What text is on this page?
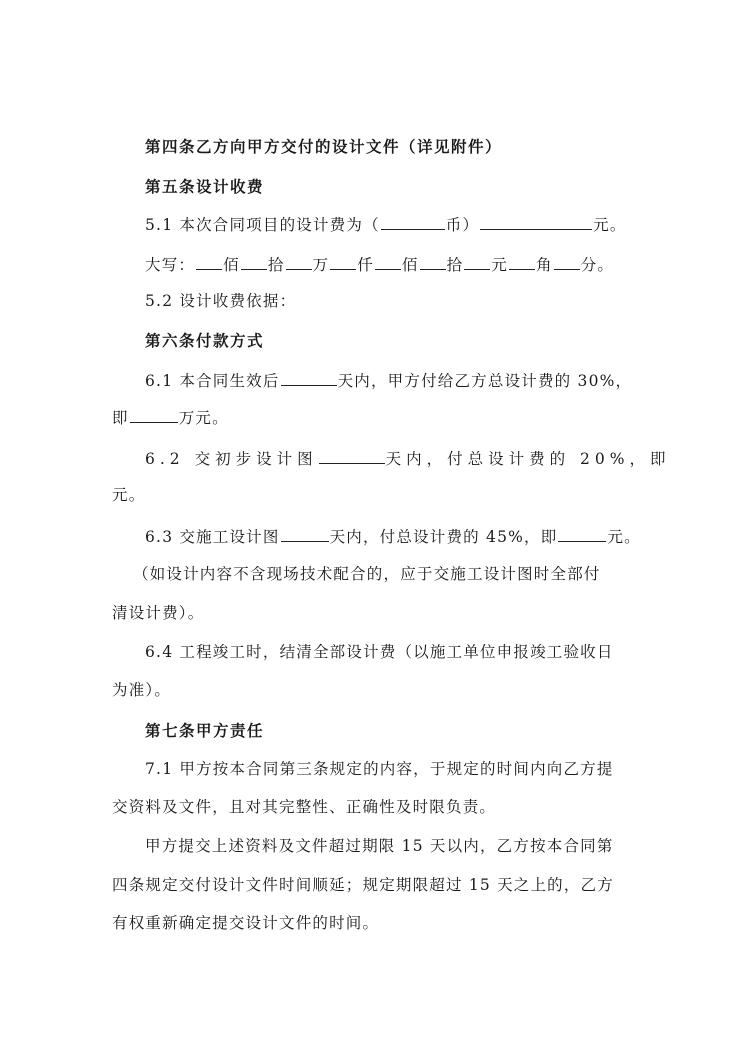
第四条乙方向甲方交付的设计文件（详见附件）
第五条设计收费
5.1 本次合同项目的设计费为（	币）	元。
大写： 佰 拾 万 仟 佰 拾 元 角 分。
5.2 设计收费依据：
第六条付款方式
6.1 本合同生效后	天内，甲方付给乙方总设计费的 30%，
即	万元。
6.2 交初步设计图	天内，付总设计费的 20%，即
元。
6.3 交施工设计图	天内，付总设计费的 45%，即	元。
（如设计内容不含现场技术配合的，应于交施工设计图时全部付
清设计费）。
6.4 工程竣工时，结清全部设计费（以施工单位申报竣工验收日
为准）。
第七条甲方责任
7.1 甲方按本合同第三条规定的内容，于规定的时间内向乙方提
交资料及文件，且对其完整性、正确性及时限负责。
甲方提交上述资料及文件超过期限 15 天以内，乙方按本合同第
四条规定交付设计文件时间顺延；规定期限超过 15 天之上的，乙方
有权重新确定提交设计文件的时间。
